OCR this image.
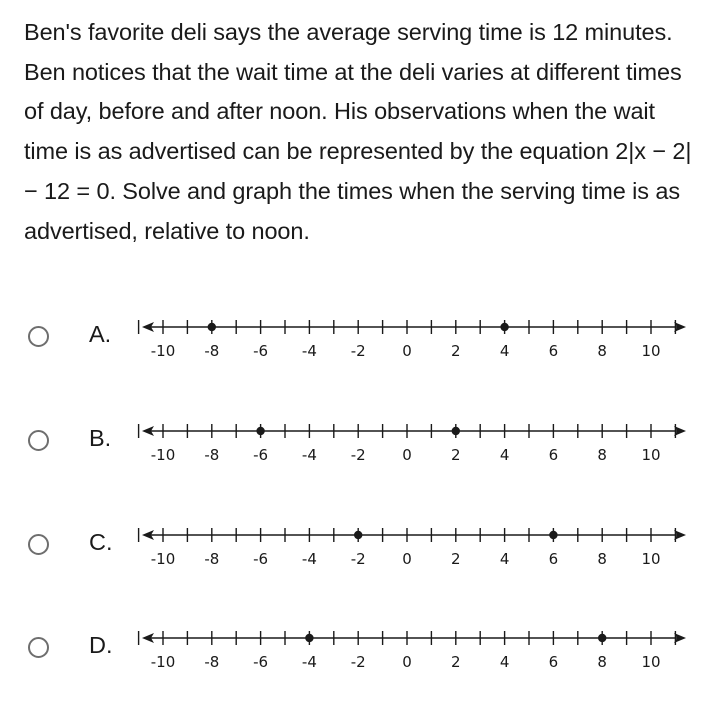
Ben's favorite deli says the average serving time is 12 minutes. Ben notices that the wait time at the deli varies at different times of day, before and after noon. His observations when the wait time is as advertised can be represented by the equation 2|x − 2| − 12 = 0. Solve and graph the times when the serving time is as advertised, relative to noon.

A.
-10 -8 -6 -4 -2 0	2	4	6	8 10
B.
-10 -8 -6 -4 -2 0	2	4	6	8 10
C.
-10 -8 -6 -4 -2 0	2	4	6	8 10
D.
-10 -8 -6 -4 -2 0	2	4	6	8 10
